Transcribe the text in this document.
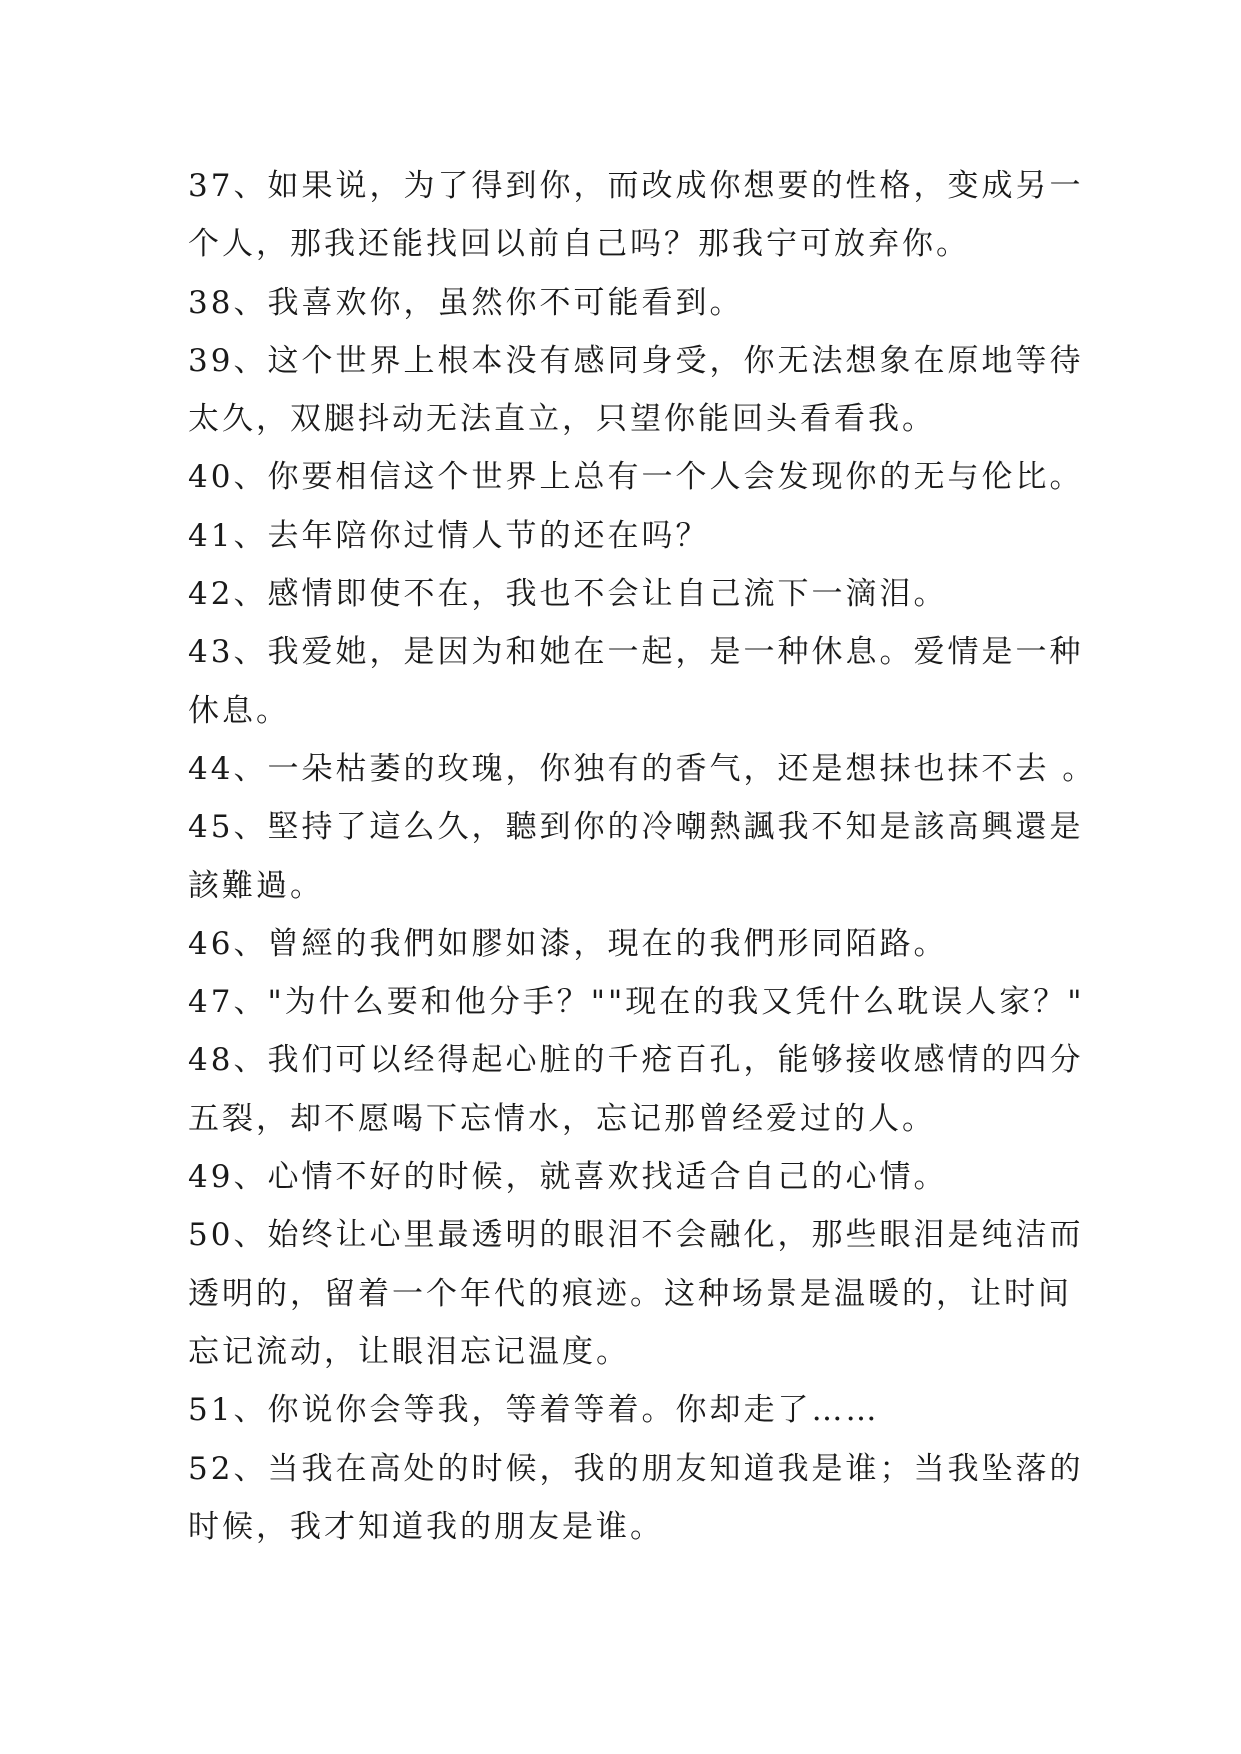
37、如果说，为了得到你，而改成你想要的性格，变成另一
个人，那我还能找回以前自己吗？那我宁可放弃你。
38、我喜欢你，虽然你不可能看到。
39、这个世界上根本没有感同身受，你无法想象在原地等待
太久，双腿抖动无法直立，只望你能回头看看我。
40、你要相信这个世界上总有一个人会发现你的无与伦比。
41、去年陪你过情人节的还在吗？
42、感情即使不在，我也不会让自己流下一滴泪。
43、我爱她，是因为和她在一起，是一种休息。爱情是一种
休息。
44、一朵枯萎的玫瑰，你独有的香气，还是想抹也抹不去 。
45、堅持了這么久，聽到你的冷嘲熱諷我不知是該高興還是
該難過。
46、曾經的我們如膠如漆，現在的我們形同陌路。
47、"为什么要和他分手？""现在的我又凭什么耽误人家？"
48、我们可以经得起心脏的千疮百孔，能够接收感情的四分
五裂，却不愿喝下忘情水，忘记那曾经爱过的人。
49、心情不好的时候，就喜欢找适合自己的心情。
50、始终让心里最透明的眼泪不会融化，那些眼泪是纯洁而
透明的，留着一个年代的痕迹。这种场景是温暖的，让时间
忘记流动，让眼泪忘记温度。
51、你说你会等我，等着等着。你却走了……
52、当我在高处的时候，我的朋友知道我是谁；当我坠落的
时候，我才知道我的朋友是谁。
